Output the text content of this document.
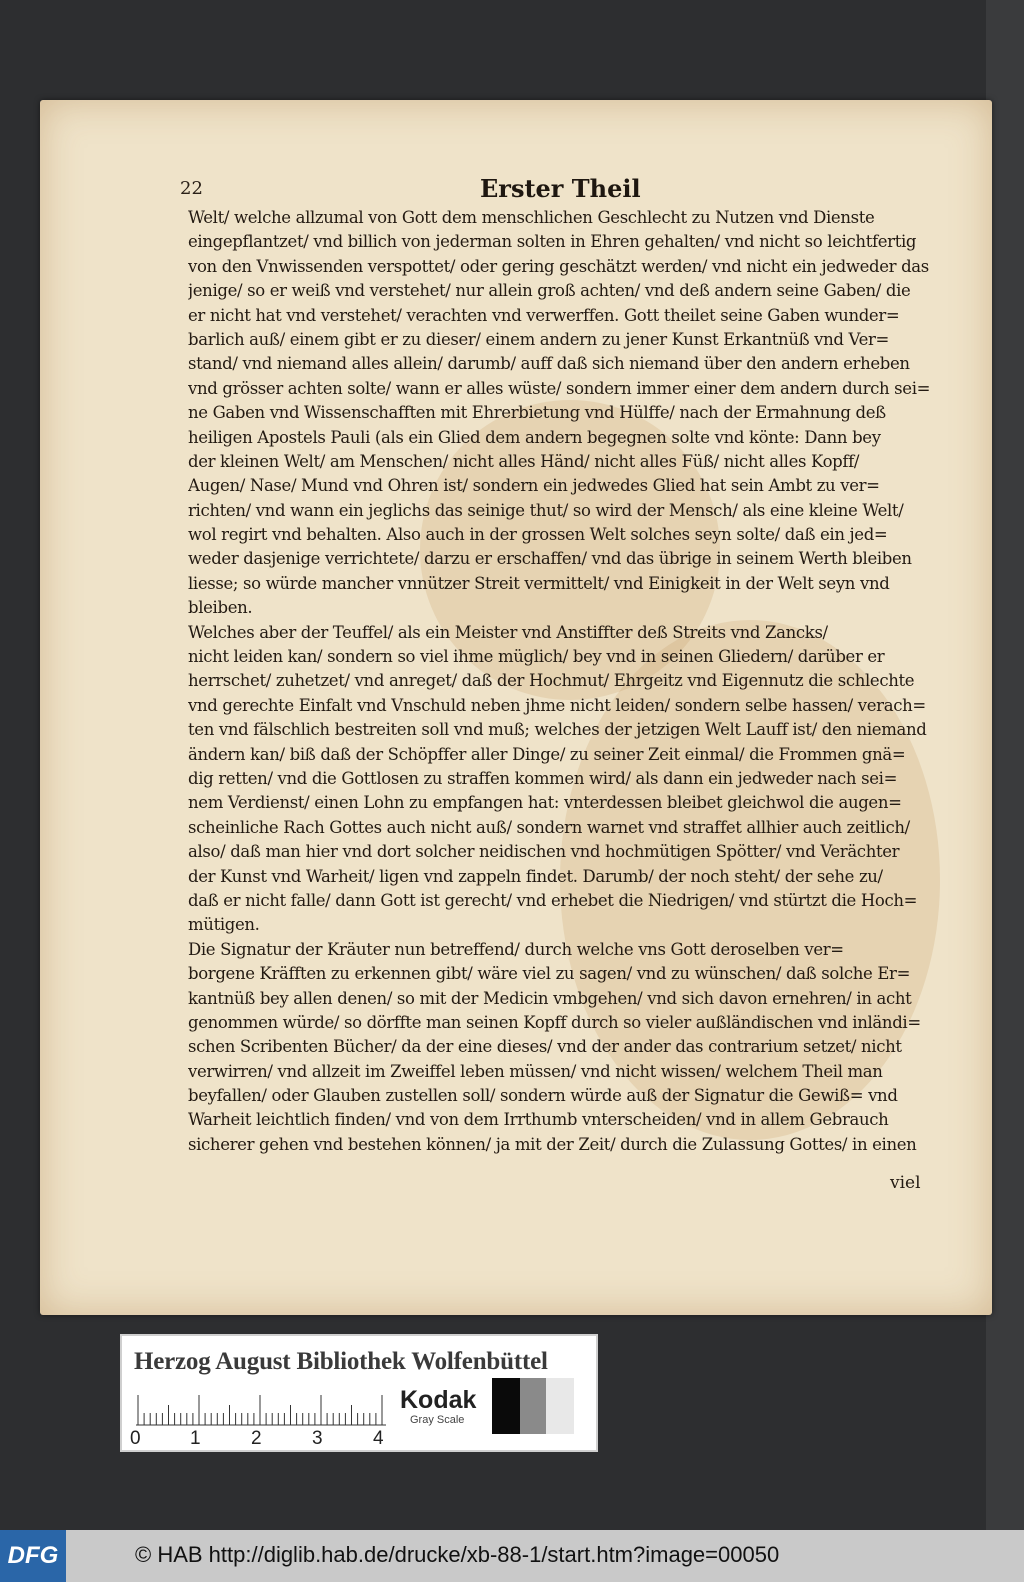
22	Erster Theil
Welt/ welche allzumal von Gott dem menschlichen Geschlecht zu Nutzen vnd Dienste
eingepflantzet/ vnd billich von jederman solten in Ehren gehalten/ vnd nicht so leichtfertig
von den Vnwissenden verspottet/ oder gering geschätzt werden/ vnd nicht ein jedweder das
jenige/ so er weiß vnd verstehet/ nur allein groß achten/ vnd deß andern seine Gaben/ die
er nicht hat vnd verstehet/ verachten vnd verwerffen. Gott theilet seine Gaben wunder=
barlich auß/ einem gibt er zu dieser/ einem andern zu jener Kunst Erkantnüß vnd Ver=
stand/ vnd niemand alles allein/ darumb/ auff daß sich niemand über den andern erheben
vnd grösser achten solte/ wann er alles wüste/ sondern immer einer dem andern durch sei=
ne Gaben vnd Wissenschafften mit Ehrerbietung vnd Hülffe/ nach der Ermahnung deß
heiligen Apostels Pauli (als ein Glied dem andern begegnen solte vnd könte: Dann bey
der kleinen Welt/ am Menschen/ nicht alles Händ/ nicht alles Füß/ nicht alles Kopff/
Augen/ Nase/ Mund vnd Ohren ist/ sondern ein jedwedes Glied hat sein Ambt zu ver=
richten/ vnd wann ein jeglichs das seinige thut/ so wird der Mensch/ als eine kleine Welt/
wol regirt vnd behalten. Also auch in der grossen Welt solches seyn solte/ daß ein jed=
weder dasjenige verrichtete/ darzu er erschaffen/ vnd das übrige in seinem Werth bleiben
liesse; so würde mancher vnnützer Streit vermittelt/ vnd Einigkeit in der Welt seyn vnd
bleiben.
Welches aber der Teuffel/ als ein Meister vnd Anstiffter deß Streits vnd Zancks/
nicht leiden kan/ sondern so viel ihme müglich/ bey vnd in seinen Gliedern/ darüber er
herrschet/ zuhetzet/ vnd anreget/ daß der Hochmut/ Ehrgeitz vnd Eigennutz die schlechte
vnd gerechte Einfalt vnd Vnschuld neben jhme nicht leiden/ sondern selbe hassen/ verach=
ten vnd fälschlich bestreiten soll vnd muß; welches der jetzigen Welt Lauff ist/ den niemand
ändern kan/ biß daß der Schöpffer aller Dinge/ zu seiner Zeit einmal/ die Frommen gnä=
dig retten/ vnd die Gottlosen zu straffen kommen wird/ als dann ein jedweder nach sei=
nem Verdienst/ einen Lohn zu empfangen hat: vnterdessen bleibet gleichwol die augen=
scheinliche Rach Gottes auch nicht auß/ sondern warnet vnd straffet allhier auch zeitlich/
also/ daß man hier vnd dort solcher neidischen vnd hochmütigen Spötter/ vnd Verächter
der Kunst vnd Warheit/ ligen vnd zappeln findet. Darumb/ der noch steht/ der sehe zu/
daß er nicht falle/ dann Gott ist gerecht/ vnd erhebet die Niedrigen/ vnd stürtzt die Hoch=
mütigen.
Die Signatur der Kräuter nun betreffend/ durch welche vns Gott deroselben ver=
borgene Kräfften zu erkennen gibt/ wäre viel zu sagen/ vnd zu wünschen/ daß solche Er=
kantnüß bey allen denen/ so mit der Medicin vmbgehen/ vnd sich davon ernehren/ in acht
genommen würde/ so dörffte man seinen Kopff durch so vieler außländischen vnd inländi=
schen Scribenten Bücher/ da der eine dieses/ vnd der ander das contrarium setzet/ nicht
verwirren/ vnd allzeit im Zweiffel leben müssen/ vnd nicht wissen/ welchem Theil man
beyfallen/ oder Glauben zustellen soll/ sondern würde auß der Signatur die Gewiß= vnd
Warheit leichtlich finden/ vnd von dem Irrthumb vnterscheiden/ vnd in allem Gebrauch
sicherer gehen vnd bestehen können/ ja mit der Zeit/ durch die Zulassung Gottes/ in einen
viel
Herzog August Bibliothek Wolfenbüttel
0	1	2	3	4
Kodak
Gray Scale
DFG	© HAB http://diglib.hab.de/drucke/xb-88-1/start.htm?image=00050
